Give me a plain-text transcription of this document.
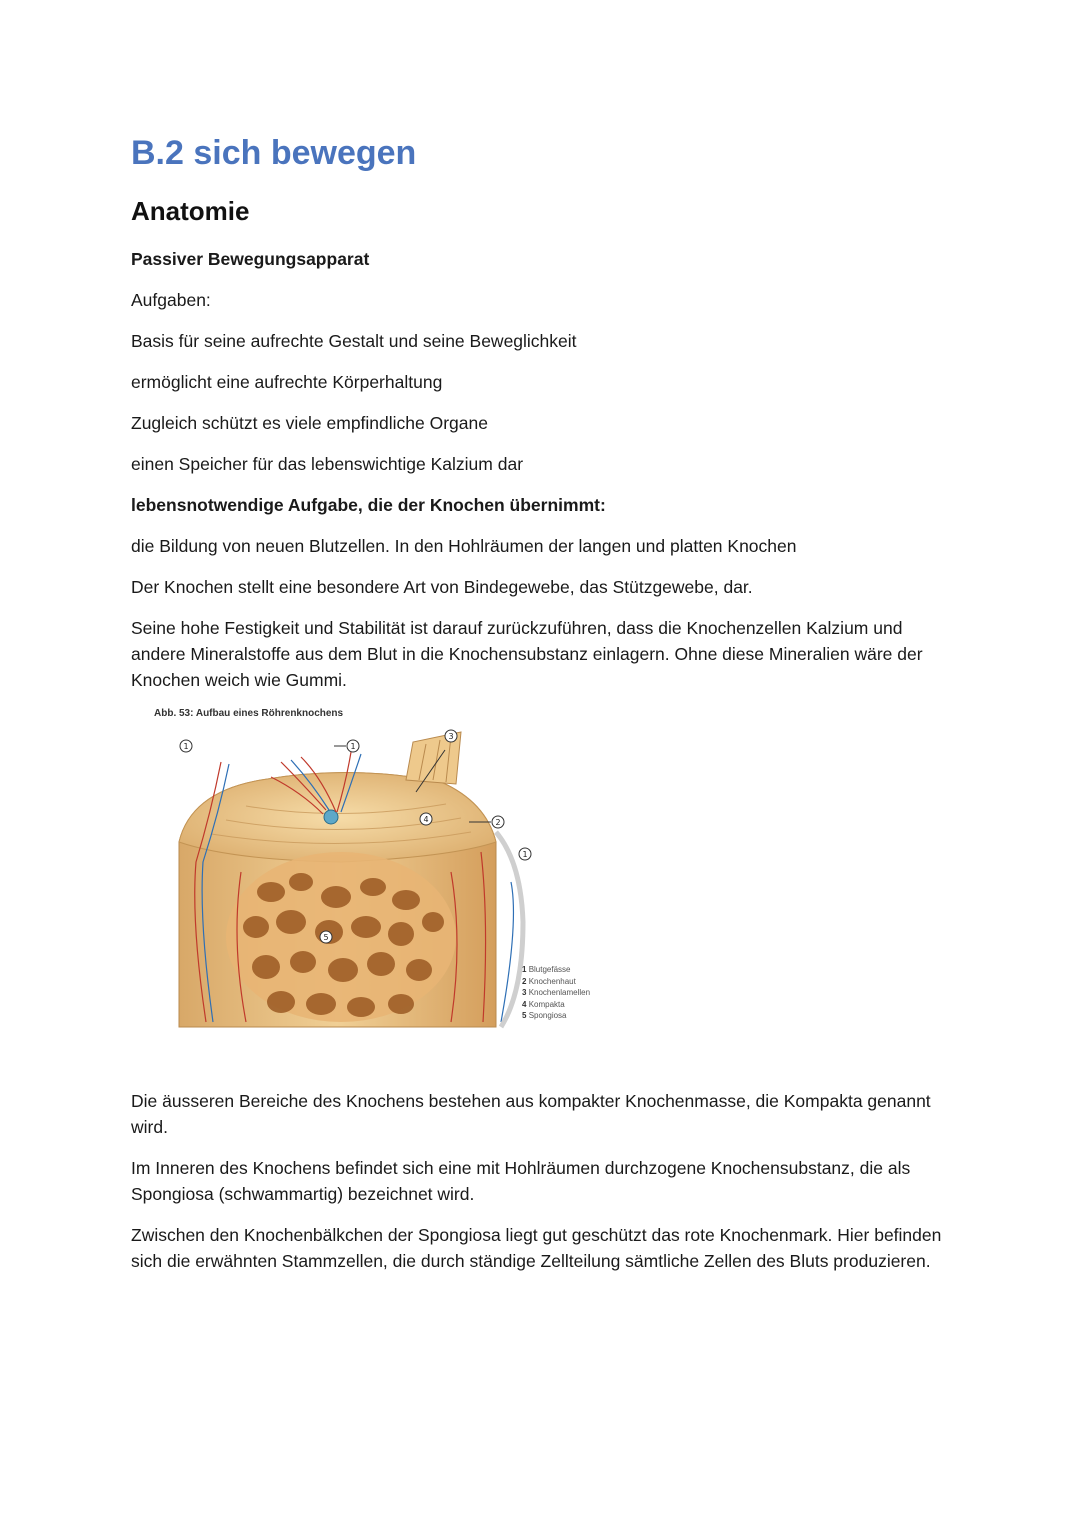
B.2 sich bewegen
Anatomie

Passiver Bewegungsapparat

Aufgaben:

Basis für seine aufrechte Gestalt und seine Beweglichkeit

ermöglicht eine aufrechte Körperhaltung

Zugleich schützt es viele empfindliche Organe

einen Speicher für das lebenswichtige Kalzium dar

lebensnotwendige Aufgabe, die der Knochen übernimmt:

die Bildung von neuen Blutzellen. In den Hohlräumen der langen und platten Knochen

Der Knochen stellt eine besondere Art von Bindegewebe, das Stützgewebe, dar.

Seine hohe Festigkeit und Stabilität ist darauf zurückzuführen, dass die Knochenzellen Kalzium und andere Mineralstoffe aus dem Blut in die Knochensubstanz einlagern. Ohne diese Mineralien wäre der Knochen weich wie Gummi.

Abb. 53: Aufbau eines Röhrenknochens
1	1
1
2
3
4
5
1 Blutgefässe
2 Knochenhaut
3 Knochenlamellen
4 Kompakta
5 Spongiosa

Die äusseren Bereiche des Knochens bestehen aus kompakter Knochenmasse, die Kompakta genannt wird.

Im Inneren des Knochens befindet sich eine mit Hohlräumen durchzogene Knochensubstanz, die als Spongiosa (schwammartig) bezeichnet wird.

Zwischen den Knochenbälkchen der Spongiosa liegt gut geschützt das rote Knochenmark. Hier befinden sich die erwähnten Stammzellen, die durch ständige Zellteilung sämtliche Zellen des Bluts produzieren.
